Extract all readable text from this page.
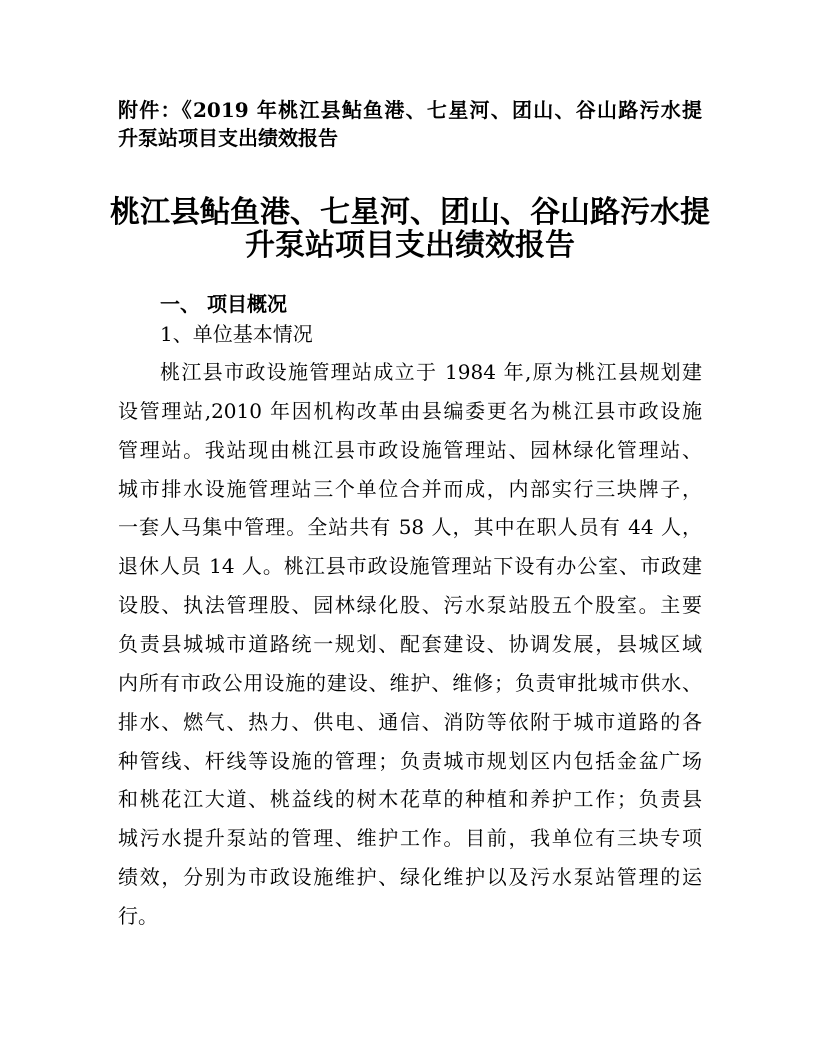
附件：《2019 年桃江县鲇鱼港、七星河、团山、谷山路污水提
升泵站项目支出绩效报告
桃江县鲇鱼港、七星河、团山、谷山路污水提
升泵站项目支出绩效报告
一、 项目概况
1、单位基本情况
桃江县市政设施管理站成立于 1984 年,原为桃江县规划建
设管理站,2010 年因机构改革由县编委更名为桃江县市政设施
管理站。我站现由桃江县市政设施管理站、园林绿化管理站、
城市排水设施管理站三个单位合并而成，内部实行三块牌子，
一套人马集中管理。全站共有 58 人，其中在职人员有 44 人，
退休人员 14 人。桃江县市政设施管理站下设有办公室、市政建
设股、执法管理股、园林绿化股、污水泵站股五个股室。主要
负责县城城市道路统一规划、配套建设、协调发展，县城区域
内所有市政公用设施的建设、维护、维修；负责审批城市供水、
排水、燃气、热力、供电、通信、消防等依附于城市道路的各
种管线、杆线等设施的管理；负责城市规划区内包括金盆广场
和桃花江大道、桃益线的树木花草的种植和养护工作；负责县
城污水提升泵站的管理、维护工作。目前，我单位有三块专项
绩效，分别为市政设施维护、绿化维护以及污水泵站管理的运
行。
